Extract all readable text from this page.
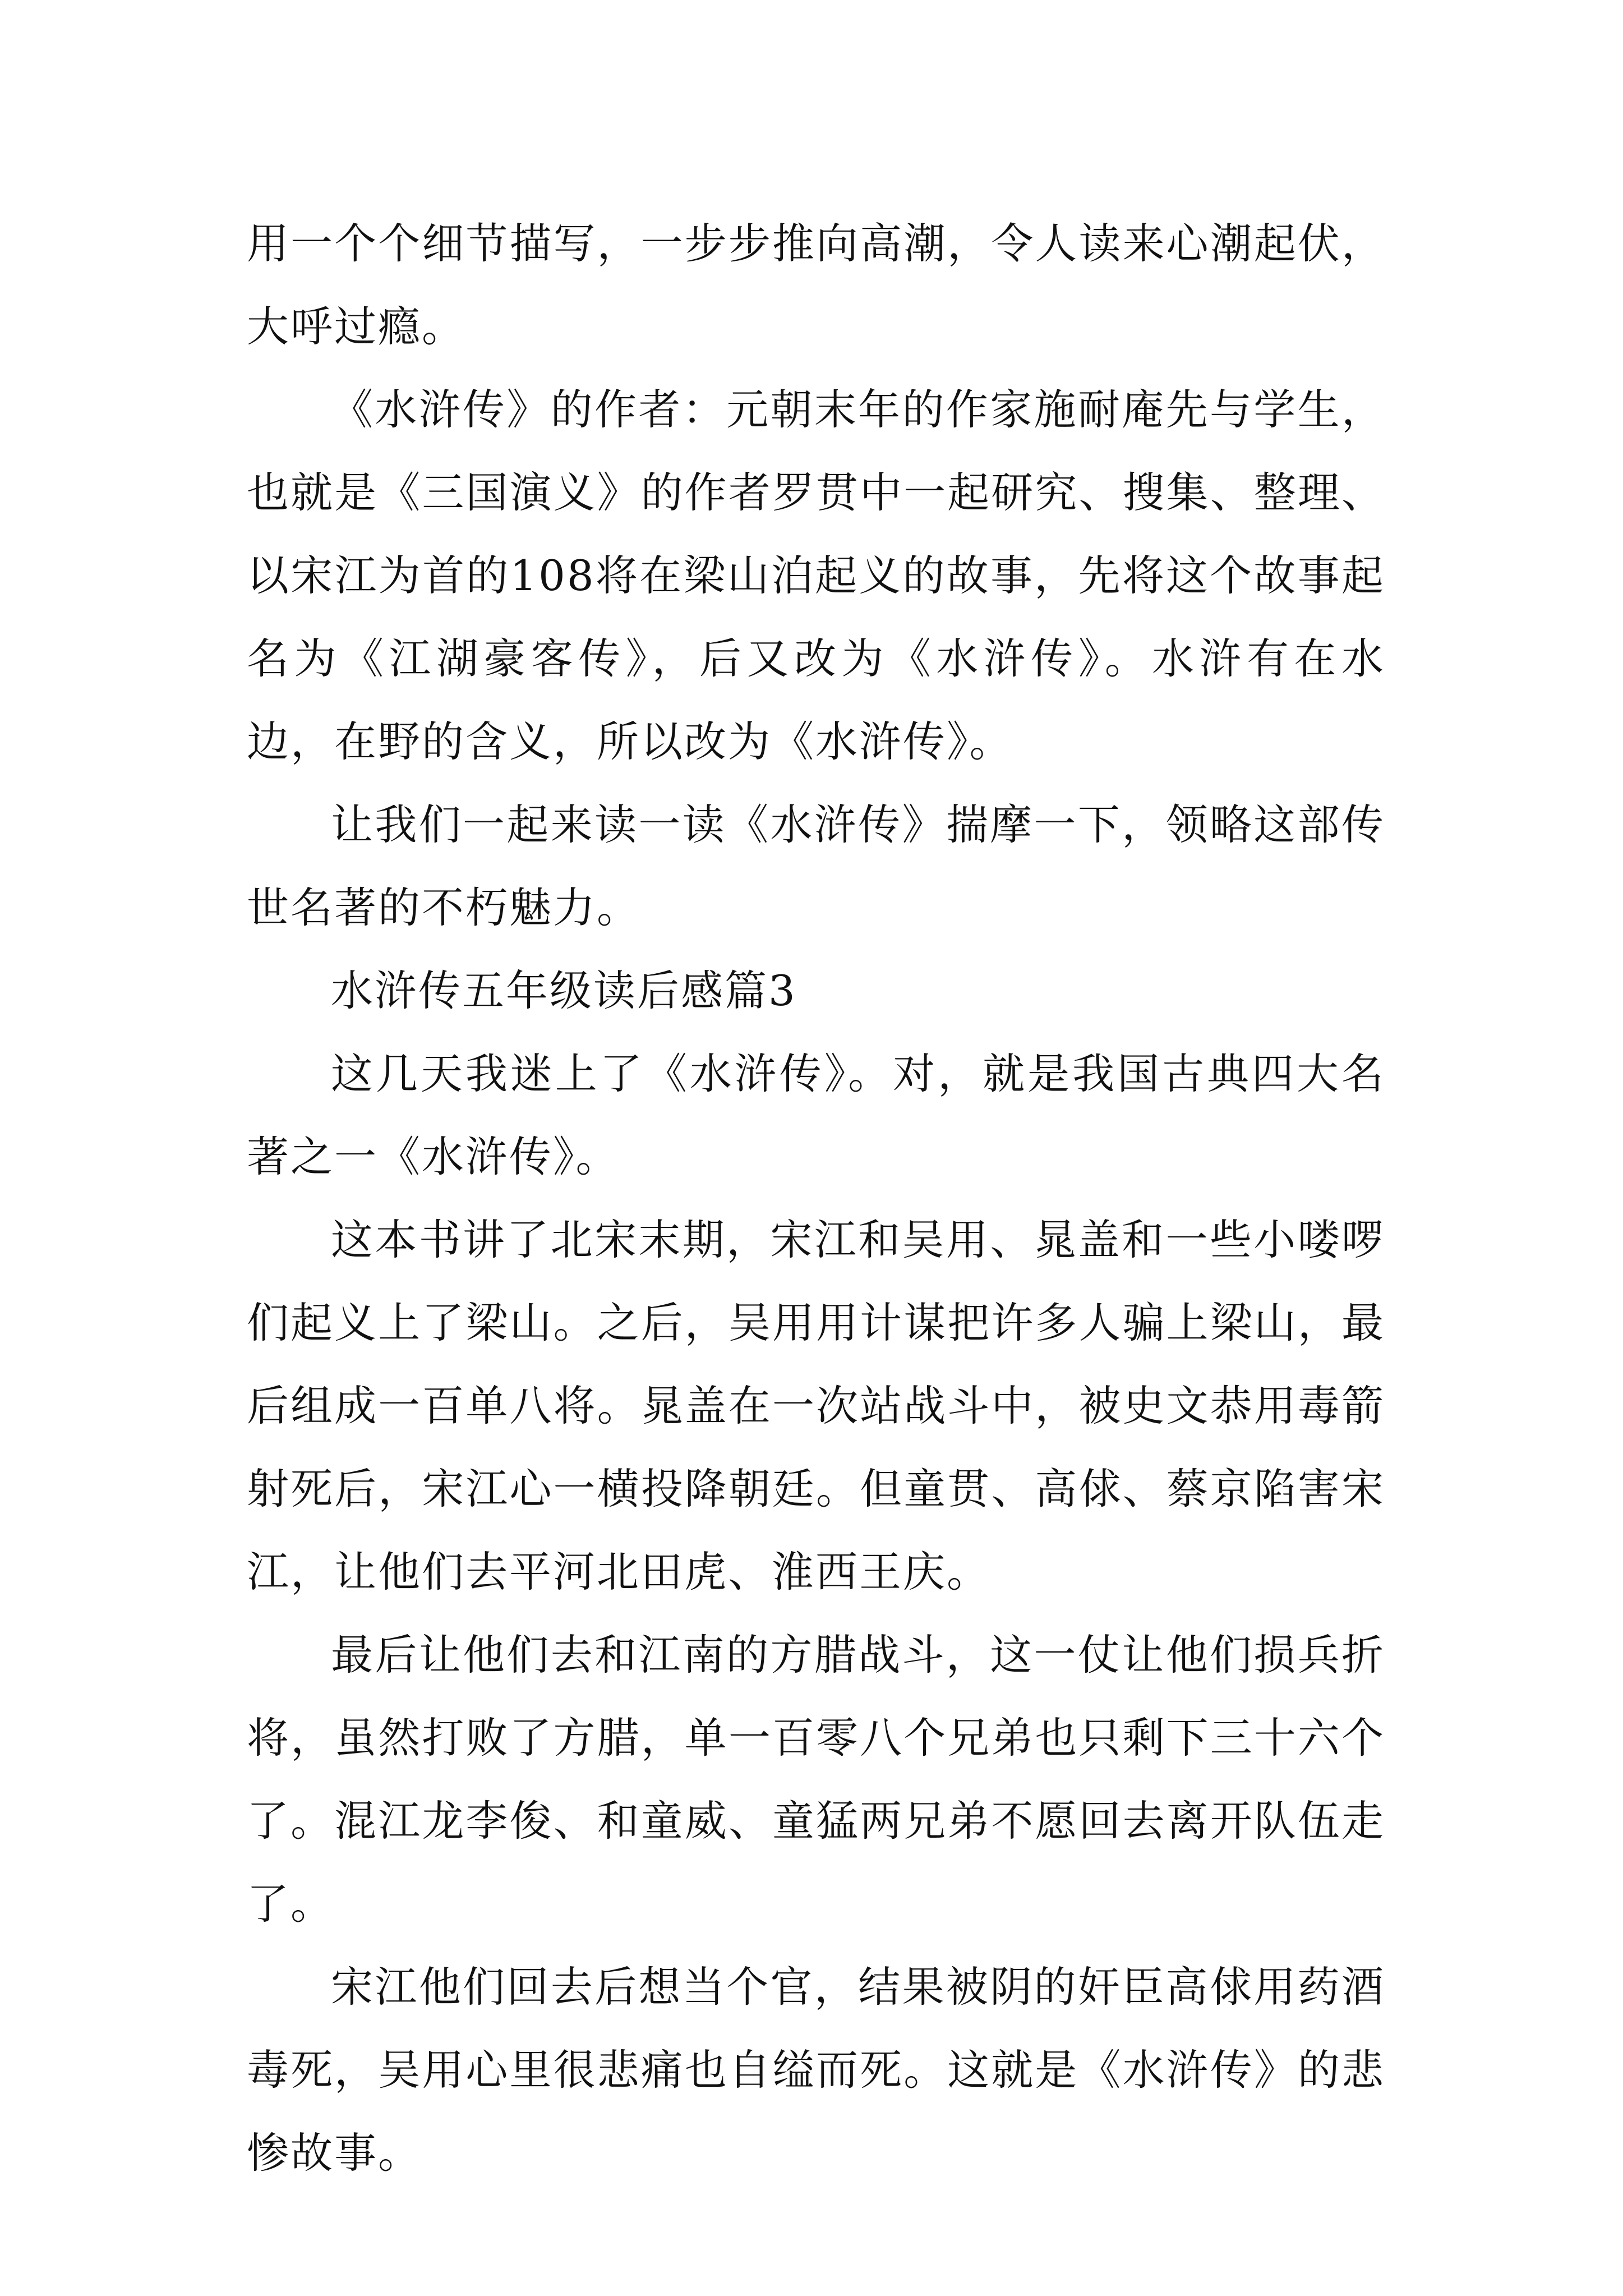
用一个个细节描写，一步步推向高潮，令人读来心潮起伏，大呼过瘾。

《水浒传》的作者：元朝末年的作家施耐庵先与学生，也就是《三国演义》的作者罗贯中一起研究、搜集、整理、以宋江为首的108将在梁山泊起义的故事，先将这个故事起名为《江湖豪客传》，后又改为《水浒传》。水浒有在水边，在野的含义，所以改为《水浒传》。

让我们一起来读一读《水浒传》揣摩一下，领略这部传世名著的不朽魅力。

水浒传五年级读后感篇3

这几天我迷上了《水浒传》。对，就是我国古典四大名著之一《水浒传》。

这本书讲了北宋末期，宋江和吴用、晁盖和一些小喽啰们起义上了梁山。之后，吴用用计谋把许多人骗上梁山，最后组成一百单八将。晁盖在一次站战斗中，被史文恭用毒箭射死后，宋江心一横投降朝廷。但童贯、高俅、蔡京陷害宋江，让他们去平河北田虎、淮西王庆。

最后让他们去和江南的方腊战斗，这一仗让他们损兵折将，虽然打败了方腊，单一百零八个兄弟也只剩下三十六个了。混江龙李俊、和童威、童猛两兄弟不愿回去离开队伍走了。

宋江他们回去后想当个官，结果被阴的奸臣高俅用药酒毒死，吴用心里很悲痛也自缢而死。这就是《水浒传》的悲惨故事。
